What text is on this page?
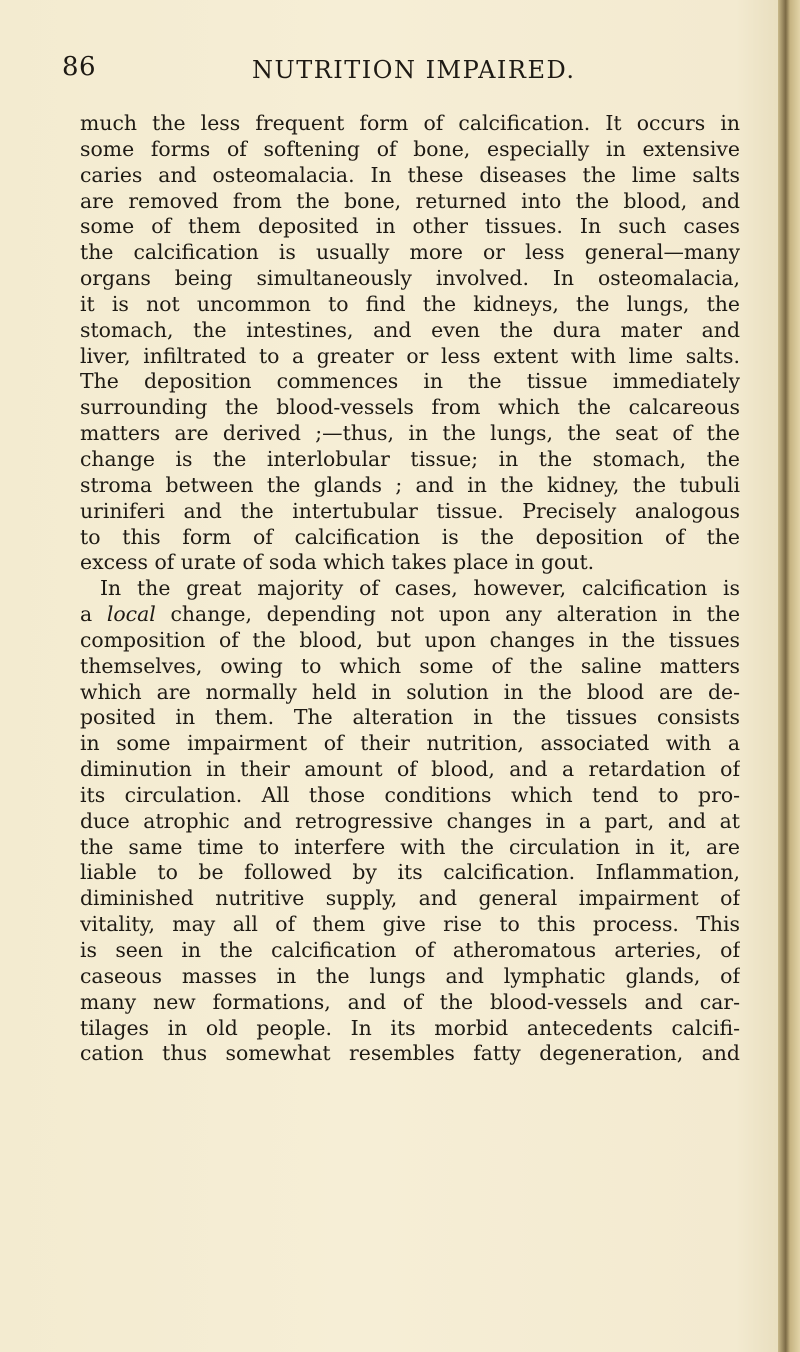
86	NUTRITION IMPAIRED.
much the less frequent form of calcification. It occurs in
some forms of softening of bone, especially in extensive
caries and osteomalacia. In these diseases the lime salts
are removed from the bone, returned into the blood, and
some of them deposited in other tissues. In such cases
the calcification is usually more or less general—many
organs being simultaneously involved. In osteomalacia,
it is not uncommon to find the kidneys, the lungs, the
stomach, the intestines, and even the dura mater and
liver, infiltrated to a greater or less extent with lime salts.
The deposition commences in the tissue immediately
surrounding the blood-vessels from which the calcareous
matters are derived ;—thus, in the lungs, the seat of the
change is the interlobular tissue; in the stomach, the
stroma between the glands ; and in the kidney, the tubuli
uriniferi and the intertubular tissue. Precisely analogous
to this form of calcification is the deposition of the
excess of urate of soda which takes place in gout.
In the great majority of cases, however, calcification is
a local change, depending not upon any alteration in the
composition of the blood, but upon changes in the tissues
themselves, owing to which some of the saline matters
which are normally held in solution in the blood are de-
posited in them. The alteration in the tissues consists
in some impairment of their nutrition, associated with a
diminution in their amount of blood, and a retardation of
its circulation. All those conditions which tend to pro-
duce atrophic and retrogressive changes in a part, and at
the same time to interfere with the circulation in it, are
liable to be followed by its calcification. Inflammation,
diminished nutritive supply, and general impairment of
vitality, may all of them give rise to this process. This
is seen in the calcification of atheromatous arteries, of
caseous masses in the lungs and lymphatic glands, of
many new formations, and of the blood-vessels and car-
tilages in old people. In its morbid antecedents calcifi-
cation thus somewhat resembles fatty degeneration, and
